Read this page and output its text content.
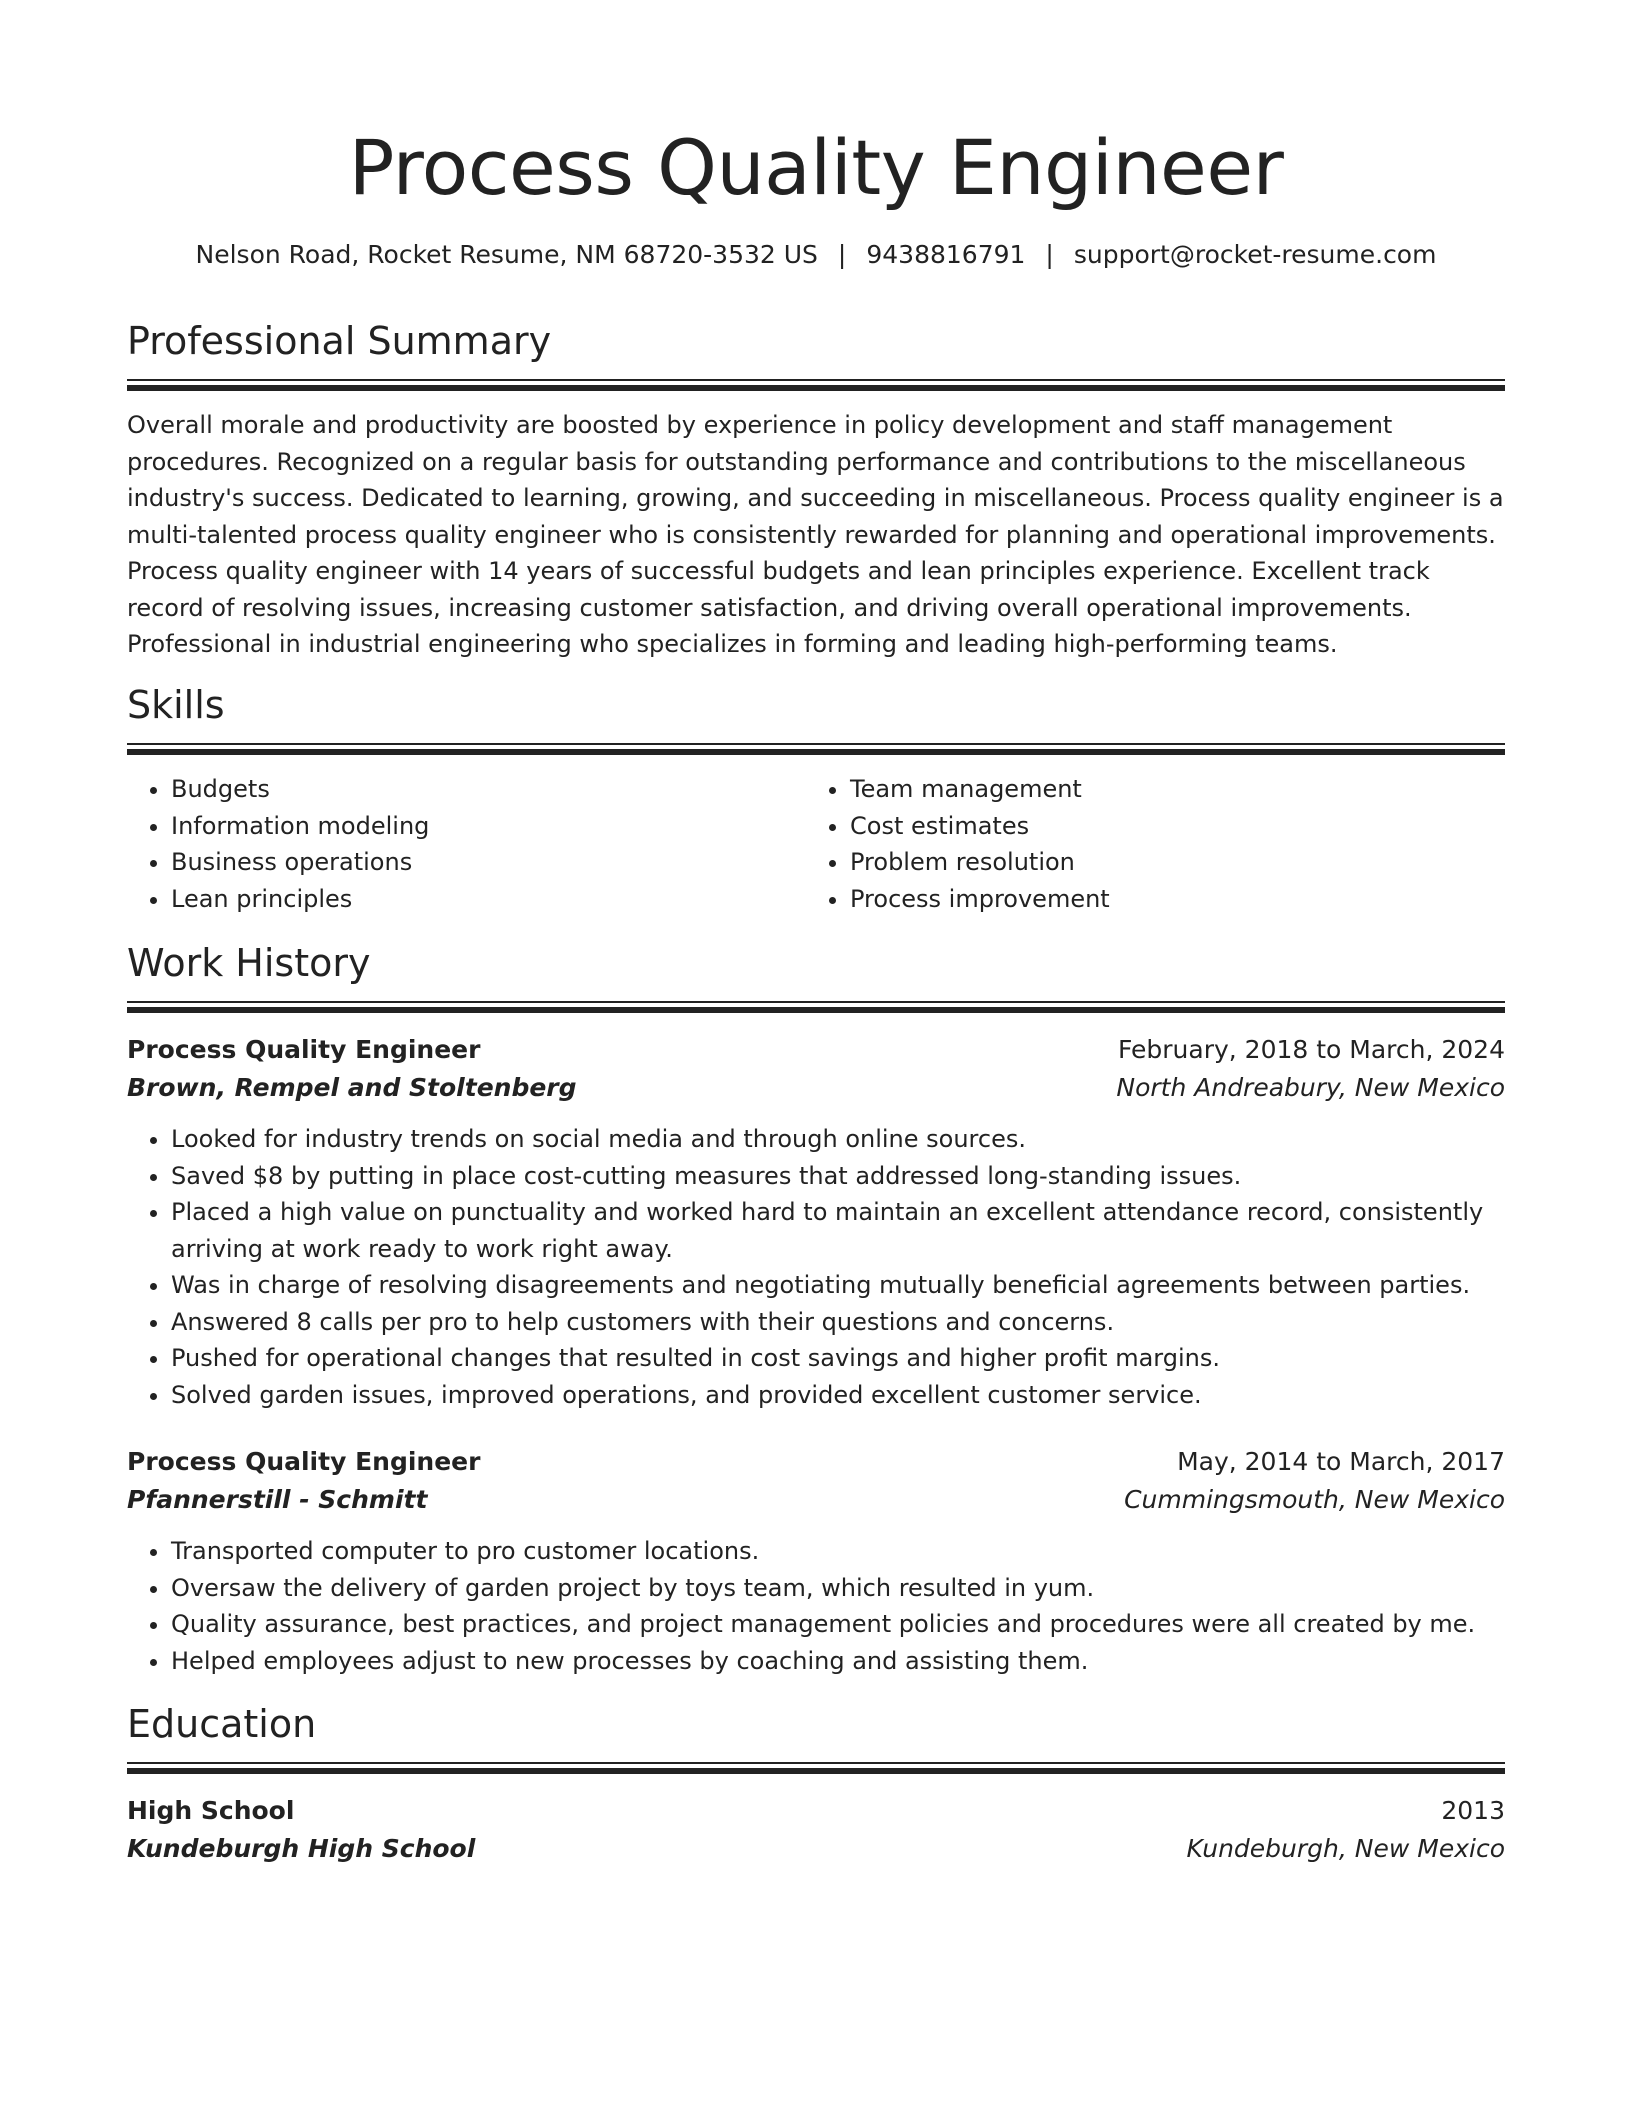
Process Quality Engineer
Nelson Road, Rocket Resume, NM 68720-3532 US | 9438816791 | support@rocket-resume.com
Professional Summary

Overall morale and productivity are boosted by experience in policy development and staff management procedures. Recognized on a regular basis for outstanding performance and contributions to the miscellaneous industry's success. Dedicated to learning, growing, and succeeding in miscellaneous. Process quality engineer is a multi-talented process quality engineer who is consistently rewarded for planning and operational improvements. Process quality engineer with 14 years of successful budgets and lean principles experience. Excellent track record of resolving issues, increasing customer satisfaction, and driving overall operational improvements. Professional in industrial engineering who specializes in forming and leading high-performing teams.

Skills
• Budgets
• Information modeling
• Business operations
• Lean principles
• Team management
• Cost estimates
• Problem resolution
• Process improvement
Work History
Process Quality Engineer	February, 2018 to March, 2024
Brown, Rempel and Stoltenberg	North Andreabury, New Mexico
• Looked for industry trends on social media and through online sources.
• Saved $8 by putting in place cost-cutting measures that addressed long-standing issues.
• Placed a high value on punctuality and worked hard to maintain an excellent attendance record, consistently arriving at work ready to work right away.
• Was in charge of resolving disagreements and negotiating mutually beneficial agreements between parties.
• Answered 8 calls per pro to help customers with their questions and concerns.
• Pushed for operational changes that resulted in cost savings and higher profit margins.
• Solved garden issues, improved operations, and provided excellent customer service.
Process Quality Engineer	May, 2014 to March, 2017
Pfannerstill - Schmitt	Cummingsmouth, New Mexico
• Transported computer to pro customer locations.
• Oversaw the delivery of garden project by toys team, which resulted in yum.
• Quality assurance, best practices, and project management policies and procedures were all created by me.
• Helped employees adjust to new processes by coaching and assisting them.
Education
High School	2013
Kundeburgh High School	Kundeburgh, New Mexico
